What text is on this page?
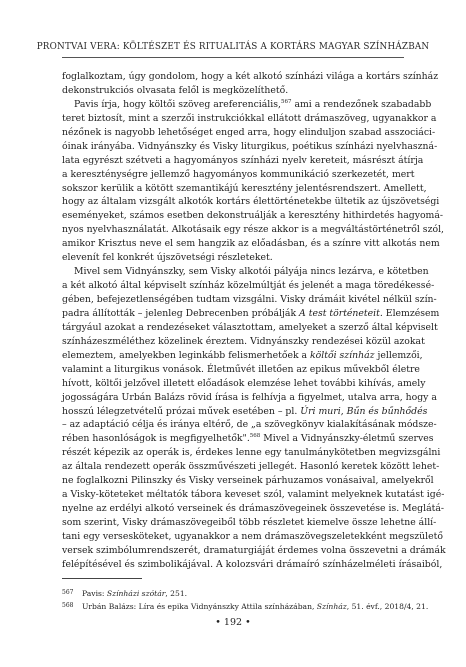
PRONTVAI VERA: KÖLTÉSZET ÉS RITUALITÁS A KORTÁRS MAGYAR SZÍNHÁZBAN
foglalkoztam, úgy gondolom, hogy a két alkotó színházi világa a kortárs színház
dekonstrukciós olvasata felől is megközelíthető.
Pavis írja, hogy költői szöveg areferenciális,$^{567}$ ami a rendezőnek szabadabb
teret biztosít, mint a szerzői instrukciókkal ellátott drámaszöveg, ugyanakkor a
nézőnek is nagyobb lehetőséget enged arra, hogy elinduljon szabad asszociáci-
óinak irányába. Vidnyánszky és Visky liturgikus, poétikus színházi nyelvhaszná-
lata egyrészt szétveti a hagyományos színházi nyelv kereteit, másrészt átírja
a kereszténységre jellemző hagyományos kommunikáció szerkezetét, mert
sokszor kerülik a kötött szemantikájú keresztény jelentésrendszert. Amellett,
hogy az általam vizsgált alkotók kortárs élettörténetekbe ültetik az újszövetségi
eseményeket, számos esetben dekonstruálják a keresztény hithirdetés hagyomá-
nyos nyelvhasználatát. Alkotásaik egy része akkor is a megváltástörténetről szól,
amikor Krisztus neve el sem hangzik az előadásban, és a színre vitt alkotás nem
elevenít fel konkrét újszövetségi részleteket.
Mivel sem Vidnyánszky, sem Visky alkotói pályája nincs lezárva, e kötetben
a két alkotó által képviselt színház közelmúltját és jelenét a maga töredékessé-
gében, befejezetlenségében tudtam vizsgálni. Visky drámáit kivétel nélkül szín-
padra állították – jelenleg Debrecenben próbálják A test történeteit. Elemzésem
tárgyául azokat a rendezéseket választottam, amelyeket a szerző által képviselt
színházeszméléthez közelinek éreztem. Vidnyánszky rendezései közül azokat
elemeztem, amelyekben leginkább felismerhetőek a költői színház jellemzői,
valamint a liturgikus vonások. Életművét illetően az epikus művekből életre
hívott, költői jelzővel illetett előadások elemzése lehet további kihívás, amely
jogosságára Urbán Balázs rövid írása is felhívja a figyelmet, utalva arra, hogy a
hosszú lélegzetvételű prózai művek esetében – pl. Úri muri, Bűn és bűnhődés
– az adaptáció célja és iránya eltérő, de „a szövegkönyv kialakításának módsze-
rében hasonlóságok is megfigyelhetők".$^{568}$ Mivel a Vidnyánszky-életmű szerves
részét képezik az operák is, érdekes lenne egy tanulmánykötetben megvizsgálni
az általa rendezett operák összművészeti jellegét. Hasonló keretek között lehet-
ne foglalkozni Pilinszky és Visky verseinek párhuzamos vonásaival, amelyekről
a Visky-köteteket méltatók tábora keveset szól, valamint melyeknek kutatást igé-
nyelne az erdélyi alkotó verseinek és drámaszövegeinek összevetése is. Meglátá-
som szerint, Visky drámaszövegeiből több részletet kiemelve össze lehetne állí-
tani egy versesköteket, ugyanakkor a nem drámaszövegszeletekként megszülető
versek szimbólumrendszerét, dramaturgiáját érdemes volna összevetni a drámák
felépítésével és szimbolikájával. A kolozsvári drámaíró színházelméleti írásaiból,
567 Pavis: Színházi szótár, 251.
568 Urbán Balázs: Líra és epika Vidnyánszky Attila színházában, Színház, 51. évf., 2018/4, 21.
• 192 •
